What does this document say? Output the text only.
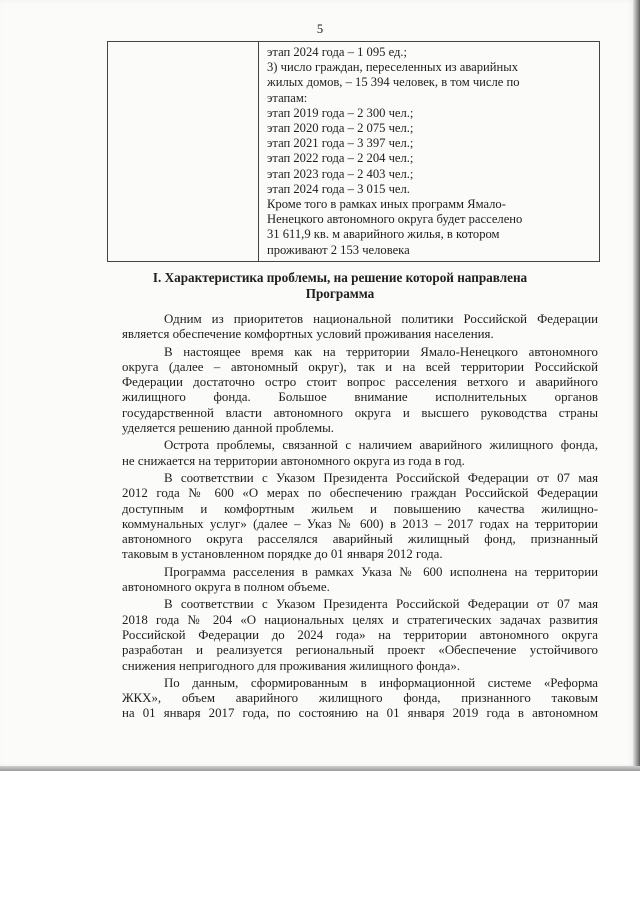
5

этап 2024 года – 1 095 ед.;
3) число граждан, переселенных из аварийных
жилых домов, – 15 394 человек, в том числе по
этапам:
этап 2019 года – 2 300 чел.;
этап 2020 года – 2 075 чел.;
этап 2021 года – 3 397 чел.;
этап 2022 года – 2 204 чел.;
этап 2023 года – 2 403 чел.;
этап 2024 года – 3 015 чел.
Кроме того в рамках иных программ Ямало-
Ненецкого автономного округа будет расселено
31 611,9 кв. м аварийного жилья, в котором
проживают 2 153 человека
I. Характеристика проблемы, на решение которой направлена
Программа

Одним из приоритетов национальной политики Российской Федерации
является обеспечение комфортных условий проживания населения.

В настоящее время как на территории Ямало-Ненецкого автономного
округа (далее – автономный округ), так и на всей территории Российской
Федерации достаточно остро стоит вопрос расселения ветхого и аварийного
жилищного фонда. Большое внимание исполнительных органов
государственной власти автономного округа и высшего руководства страны
уделяется решению данной проблемы.

Острота проблемы, связанной с наличием аварийного жилищного фонда,
не снижается на территории автономного округа из года в год.

В соответствии с Указом Президента Российской Федерации от 07 мая
2012 года № 600 «О мерах по обеспечению граждан Российской Федерации
доступным и комфортным жильем и повышению качества жилищно-
коммунальных услуг» (далее – Указ № 600) в 2013 – 2017 годах на территории
автономного округа расселялся аварийный жилищный фонд, признанный
таковым в установленном порядке до 01 января 2012 года.

Программа расселения в рамках Указа № 600 исполнена на территории
автономного округа в полном объеме.

В соответствии с Указом Президента Российской Федерации от 07 мая
2018 года № 204 «О национальных целях и стратегических задачах развития
Российской Федерации до 2024 года» на территории автономного округа
разработан и реализуется региональный проект «Обеспечение устойчивого
снижения непригодного для проживания жилищного фонда».

По данным, сформированным в информационной системе «Реформа
ЖКХ», объем аварийного жилищного фонда, признанного таковым
на 01 января 2017 года, по состоянию на 01 января 2019 года в автономном
